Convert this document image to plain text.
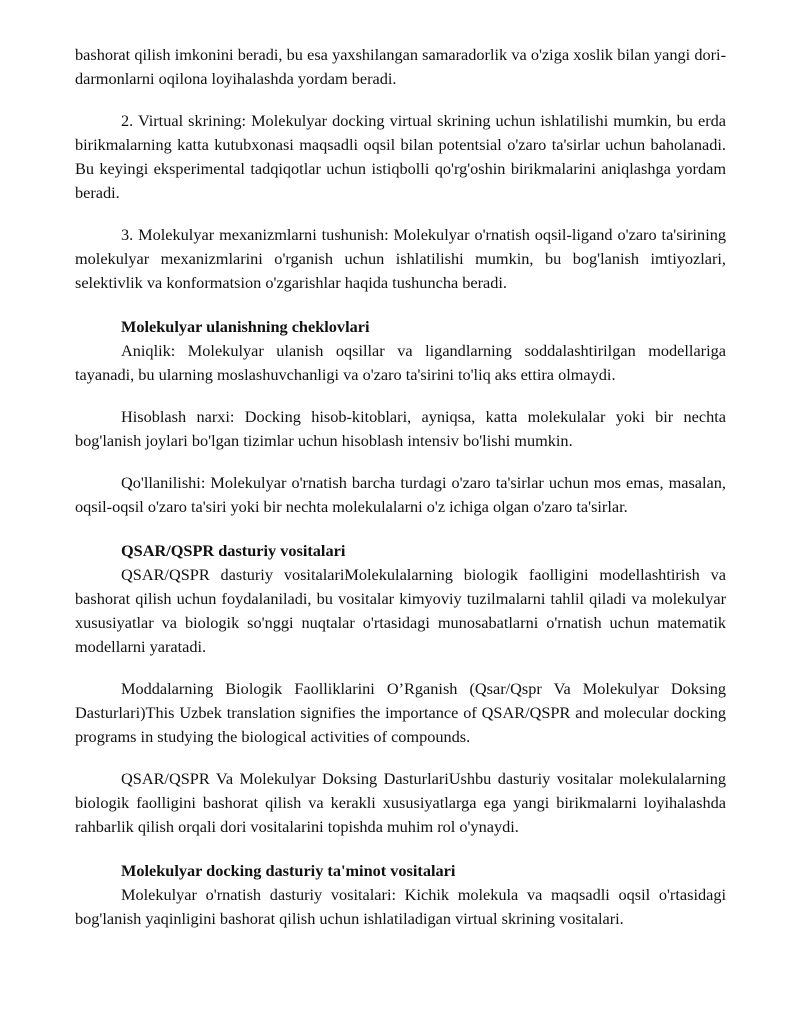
bashorat qilish imkonini beradi, bu esa yaxshilangan samaradorlik va o'ziga xoslik bilan yangi dori-darmonlarni oqilona loyihalashda yordam beradi.

2. Virtual skrining: Molekulyar docking virtual skrining uchun ishlatilishi mumkin, bu erda birikmalarning katta kutubxonasi maqsadli oqsil bilan potentsial o'zaro ta'sirlar uchun baholanadi. Bu keyingi eksperimental tadqiqotlar uchun istiqbolli qo'rg'oshin birikmalarini aniqlashga yordam beradi.

3. Molekulyar mexanizmlarni tushunish: Molekulyar o'rnatish oqsil-ligand o'zaro ta'sirining molekulyar mexanizmlarini o'rganish uchun ishlatilishi mumkin, bu bog'lanish imtiyozlari, selektivlik va konformatsion o'zgarishlar haqida tushuncha beradi.

Molekulyar ulanishning cheklovlari

Aniqlik: Molekulyar ulanish oqsillar va ligandlarning soddalashtirilgan modellariga tayanadi, bu ularning moslashuvchanligi va o'zaro ta'sirini to'liq aks ettira olmaydi.

Hisoblash narxi: Docking hisob-kitoblari, ayniqsa, katta molekulalar yoki bir nechta bog'lanish joylari bo'lgan tizimlar uchun hisoblash intensiv bo'lishi mumkin.

Qo'llanilishi: Molekulyar o'rnatish barcha turdagi o'zaro ta'sirlar uchun mos emas, masalan, oqsil-oqsil o'zaro ta'siri yoki bir nechta molekulalarni o'z ichiga olgan o'zaro ta'sirlar.

QSAR/QSPR dasturiy vositalari

QSAR/QSPR dasturiy vositalariMolekulalarning biologik faolligini modellashtirish va bashorat qilish uchun foydalaniladi, bu vositalar kimyoviy tuzilmalarni tahlil qiladi va molekulyar xususiyatlar va biologik so'nggi nuqtalar o'rtasidagi munosabatlarni o'rnatish uchun matematik modellarni yaratadi.

Moddalarning Biologik Faolliklarini O’Rganish (Qsar/Qspr Va Molekulyar Doksing Dasturlari)This Uzbek translation signifies the importance of QSAR/QSPR and molecular docking programs in studying the biological activities of compounds.

QSAR/QSPR Va Molekulyar Doksing DasturlariUshbu dasturiy vositalar molekulalarning biologik faolligini bashorat qilish va kerakli xususiyatlarga ega yangi birikmalarni loyihalashda rahbarlik qilish orqali dori vositalarini topishda muhim rol o'ynaydi.

Molekulyar docking dasturiy ta'minot vositalari

Molekulyar o'rnatish dasturiy vositalari: Kichik molekula va maqsadli oqsil o'rtasidagi bog'lanish yaqinligini bashorat qilish uchun ishlatiladigan virtual skrining vositalari.
